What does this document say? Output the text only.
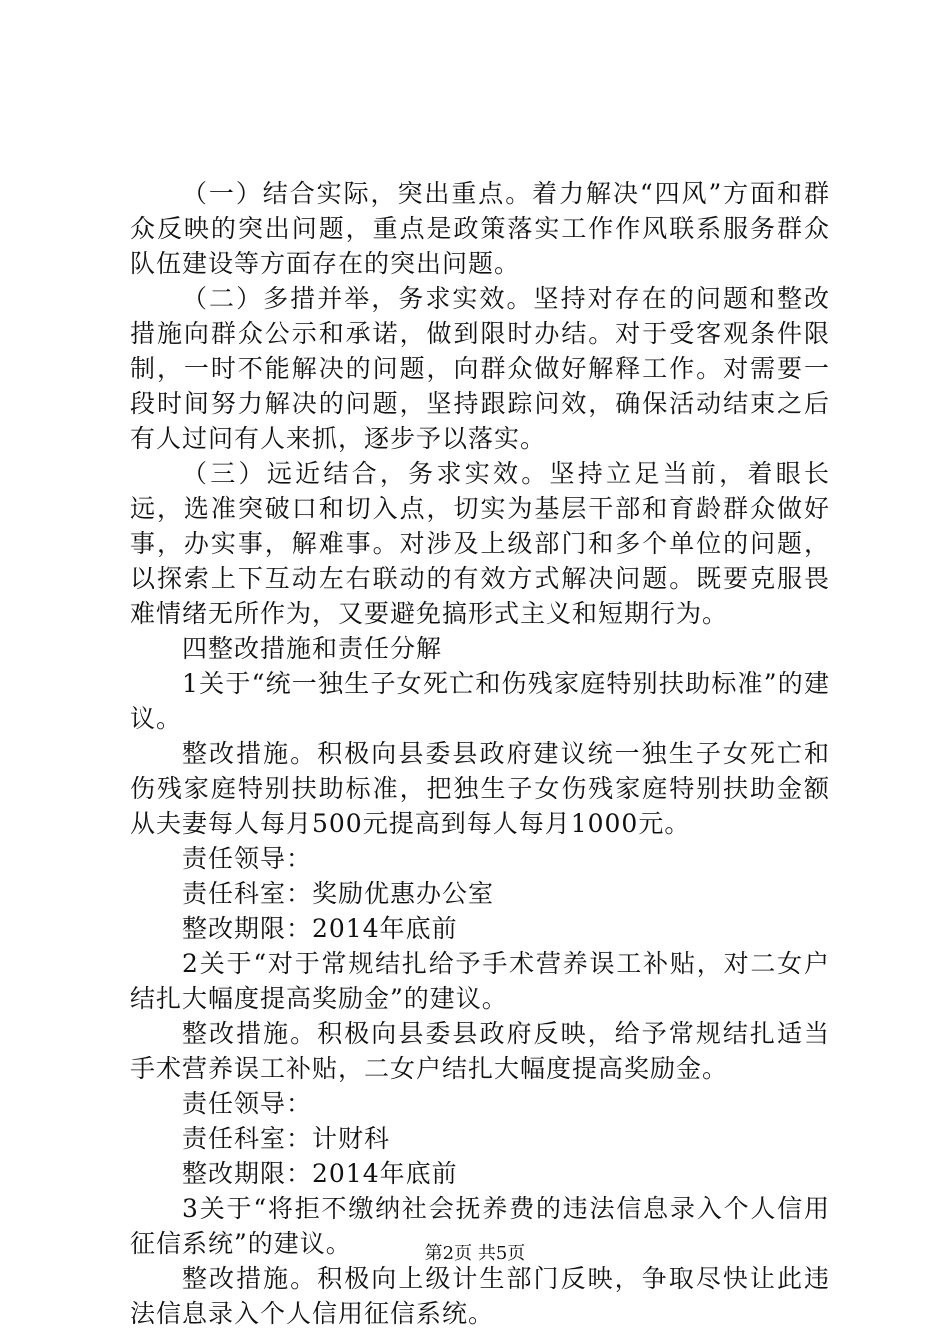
（一）结合实际，突出重点。着力解决“四风”方面和群众反映的突出问题，重点是政策落实工作作风联系服务群众队伍建设等方面存在的突出问题。

（二）多措并举，务求实效。坚持对存在的问题和整改措施向群众公示和承诺，做到限时办结。对于受客观条件限制，一时不能解决的问题，向群众做好解释工作。对需要一段时间努力解决的问题，坚持跟踪问效，确保活动结束之后有人过问有人来抓，逐步予以落实。

（三）远近结合，务求实效。坚持立足当前，着眼长远，选准突破口和切入点，切实为基层干部和育龄群众做好事，办实事，解难事。对涉及上级部门和多个单位的问题，以探索上下互动左右联动的有效方式解决问题。既要克服畏难情绪无所作为，又要避免搞形式主义和短期行为。

四整改措施和责任分解

1关于“统一独生子女死亡和伤残家庭特别扶助标准”的建议。

整改措施。积极向县委县政府建议统一独生子女死亡和伤残家庭特别扶助标准，把独生子女伤残家庭特别扶助金额从夫妻每人每月500元提高到每人每月1000元。

责任领导：

责任科室：奖励优惠办公室

整改期限：2014年底前

2关于“对于常规结扎给予手术营养误工补贴，对二女户结扎大幅度提高奖励金”的建议。

整改措施。积极向县委县政府反映，给予常规结扎适当手术营养误工补贴，二女户结扎大幅度提高奖励金。

责任领导：

责任科室：计财科

整改期限：2014年底前

3关于“将拒不缴纳社会抚养费的违法信息录入个人信用征信系统”的建议。

整改措施。积极向上级计生部门反映，争取尽快让此违法信息录入个人信用征信系统。

第2页 共5页
